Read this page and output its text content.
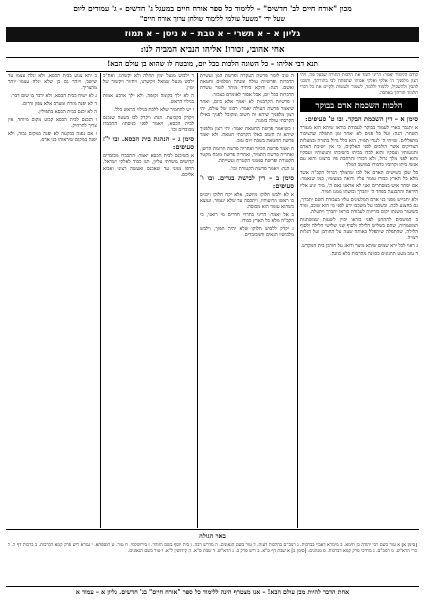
מכון "אורח חיים לב' חדשים" – ללימוד כל ספר אורח חיים במעגל ג' חדשים - ג' עמודים ליום
שעל ידי "משעל עולמי ללימוד שולחן ערוך אורח חיים"
גליון א – א תשרי – א טבת – א ניסן – א תמוז
אחי אהובי, זכורו! אליהו הנביא המביה לנו:
תנא דבי אליהו – כל השונה הלכות בכל יום, מובטח לו שהוא בן עולם הבא!

קודם הלימוד יאמר: הריני לומד את הלכות התורה שבעל פה, ויהי רצון מלפניך ה' אלקי ואלקי אבותי שתפתח לבי בתורתך, ותזכני להבין ולהשכיל, ללמוד וללמד, לשמור ולעשות ולקיים את כל דברי תלמוד תורתך באהבה.

הלכות השכמת אדם בבוקר
סימן א – דין השכמת הבקר. ובו ט' סעיפים:

א יתגבר כארי לעמוד בבוקר לעבודת בוראו שיהא הוא מעורר השחר. הגה: ועל כל פנים לא יאחר זמן התפלה שהציבור מתפללים. שויתי ה' לנגדי תמיד, הוא כלל גדול בתורה ובמעלות הצדיקים אשר הולכים לפני האלקים, כי אין ישיבת האדם ותנועותיו ועסקיו והוא לבדו בביתו כישיבתו ותנועותיו ועסקיו והוא לפני מלך גדול, ולא דבורו והרחבת פיו כרצונו והוא עם אנשי ביתו וקרוביו כדבורו במושב המלך.

כל שכן כשישים האדם אל לבו שהמלך הגדול הקב"ה אשר מלא כל הארץ כבודו עומד עליו ורואה במעשיו, כמו שנאמר: אם יסתר איש במסתרים ואני לא אראנו נאם ה', מיד יגיע אליו היראה וההכנעה בפחד ה' יתברך ובושתו ממנו תמיד.

ולא יתבייש מפני בני אדם המלעיגים עליו בעבודת השם יתברך, גם בהצנע לכת. ובשכבו על משכבו ידע לפני מי הוא שוכב, ומיד כשיעור משנתו יקום בזריזות לעבודת בוראו יתברך ויתעלה.

ב המשכים להתחנן לפני בוראו יכוין לשעות שמשתנות המשמרות, שהם בשליש הלילה ולסוף שני שלישי הלילה ולסוף הלילה, שהתפלה שיתפלל באותה שעה על החורבן ועל הגלות רצויה.

ג ראוי לכל ירא שמים שיהא מיצר ודואג על חורבן בית המקדש.

ד טוב מעט תחנונים בכוונה מהרבות בלא כוונה.

ה טוב לומר פרשת העקדה ופרשת המן ועשרת הדברות ופרשיות עולה ומנחה ושלמים וחטאת ואשם. הגה: ודוקא ביחיד מותר לומר עשרת הדברות בכל יום, אבל אסור לאומרם בצבור.

ו פרשיות הקרבנות לא יאמר אלא ביום, ואחר שיאמר פרשת העולה יאמר: רבונו של עולם, יהי רצון מלפניך שיהא זה חשוב ומקובל לפניך כאילו הקרבתי עולה בזמנה.

ז כשיאמר פרשת החטאת יאמר: יהי רצון מלפניך שיהא זה חשוב כאלו הקרבתי חטאת. ולא יאמר פרשת החטאת בשבת ויום טוב.

ח יאמר פרשת הכיור ואחריה פרשת תרומת הדשן, ואחריה פרשת התמיד, ואחריה פרשת מזבח מקטר הקטורת ופרשת סממני הקטרת ועשייתה.

ט הגה: ויאמר פרשת הקטורת וכו'.

סימן ב – דין לבישת בגדים. ובו ו' סעיפים:

א לא ילבש חלוקו מיושב, אלא יקח חלוקו ויכניס בו ראשו וזרועותיו, ויתכסה עד שלא יעמוד, ונמצא כשהוא עומד הוא מכוסה.

ב אל יאמר: הריני בחדרי חדרים מי רואני, כי הקב"ה מלא כל הארץ כבודו.

ג יקדק ללבוש חלוקו שלא יהיה הפוך, וילבש מלבושיו הנאים והמכובדים.

ד ילבוש מנעל ימין תחלה ולא יקשרנו, ואח"כ ילבש מנעל שמאל ויקשרנו, ויחזור ויקשור של ימין.

ה לא ילך בקומה זקופה, ולא ילך ארבע אמות בגילוי הראש.

ו יש להחמיר שלא ללכת בגילוי הראש כלל.

ויקדק בקביעת. הגה: ויקדק לבו בשעה שנכנס לבית הכסא, ויאמר לפני כניסתו: התכבדו מכובדים וכו'.

סימן ג – הנהגת בית הכסא. ובו י"ז סעיפים:

א כשיכנס לבית הכסא יאמר: התכבדו מכובדים קדושים משרתי עליון, תנו כבוד לאלקי ישראל, הרפו ממני עד שאכנס ואעשה רצוני ואבוא אליכם.

ב יהא צנוע בבית הכסא, ולא יגלה עצמו עד שישב, ויזהר גם כן שלא יגלה עצמו יותר מהצריך.

ג לא ישיח בבית הכסא, ולא ידבר בו שום דבר.

ד לא יפנה מזרח ומערב אלא צפון ודרום.

ה לא יכנס בבית הכסא בתפילין.

ו הנכנס לבית הכסא קבוע מקום מיוחד, אין צריך להרחיק.

ז אם נפנה בבקעה לא יפנה במקום גבוה, ולא יפנה במקום שיראוהו בני אדם.

באר הגולה
[סימן א] א טור בשם רבי יהודה בן תימא. ב מימרא דאביי בברכות. ג רמב"ם בהלכות דעות. ד טור בשם הגאונים. ה מדרש רבה. ו בית יוסף בשם הזוהר. ז בירושלמי. ח טור. ט תוספתא. י גמרא ריש פרק קמא דברכות. כ ברכות דף ל. ל כרי הרא"ש. מ רמב"ם. נ מרדכי פרק קמא דברכות. ס מנהגים. [סימן ב] א שבת דף ס"א. ב ריש פרק ב. ג הרא"ש. ד שבת ס"א. ה קידושין ל"א. ו טור בשם הגאונים.
אחת הדבר להיות מבן עולם הבא! – אנו מצטרף הינה ללימוד כל ספר "אורח חיים" בג' חדשים. גליון א – עמוד א
